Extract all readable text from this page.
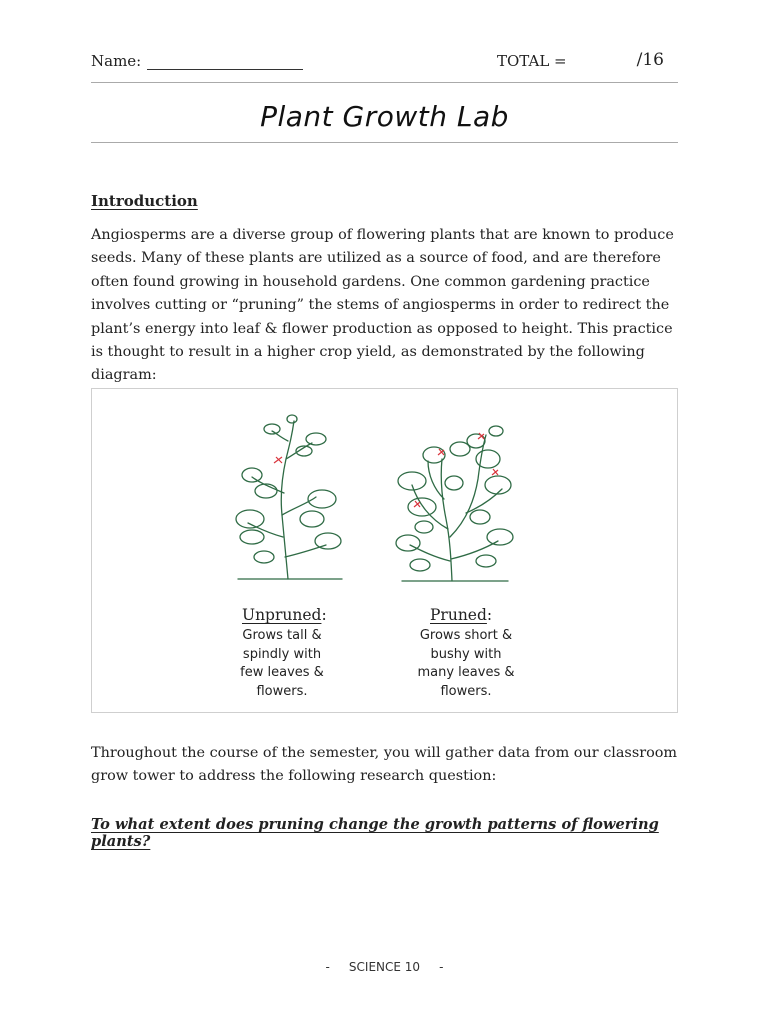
Name:	TOTAL =	/16
Plant Growth Lab
Introduction

Angiosperms are a diverse group of flowering plants that are known to produce seeds. Many of these plants are utilized as a source of food, and are therefore often found growing in household gardens. One common gardening practice involves cutting or “pruning” the stems of angiosperms in order to redirect the plant’s energy into leaf & flower production as opposed to height. This practice is thought to result in a higher crop yield, as demonstrated by the following diagram:

Unpruned:
Grows tall &
spindly with
few leaves &
flowers.
Pruned:
Grows short &
bushy with
many leaves &
flowers.

Throughout the course of the semester, you will gather data from our classroom grow tower to address the following research question:

To what extent does pruning change the growth patterns of flowering plants?
-     SCIENCE 10     -
